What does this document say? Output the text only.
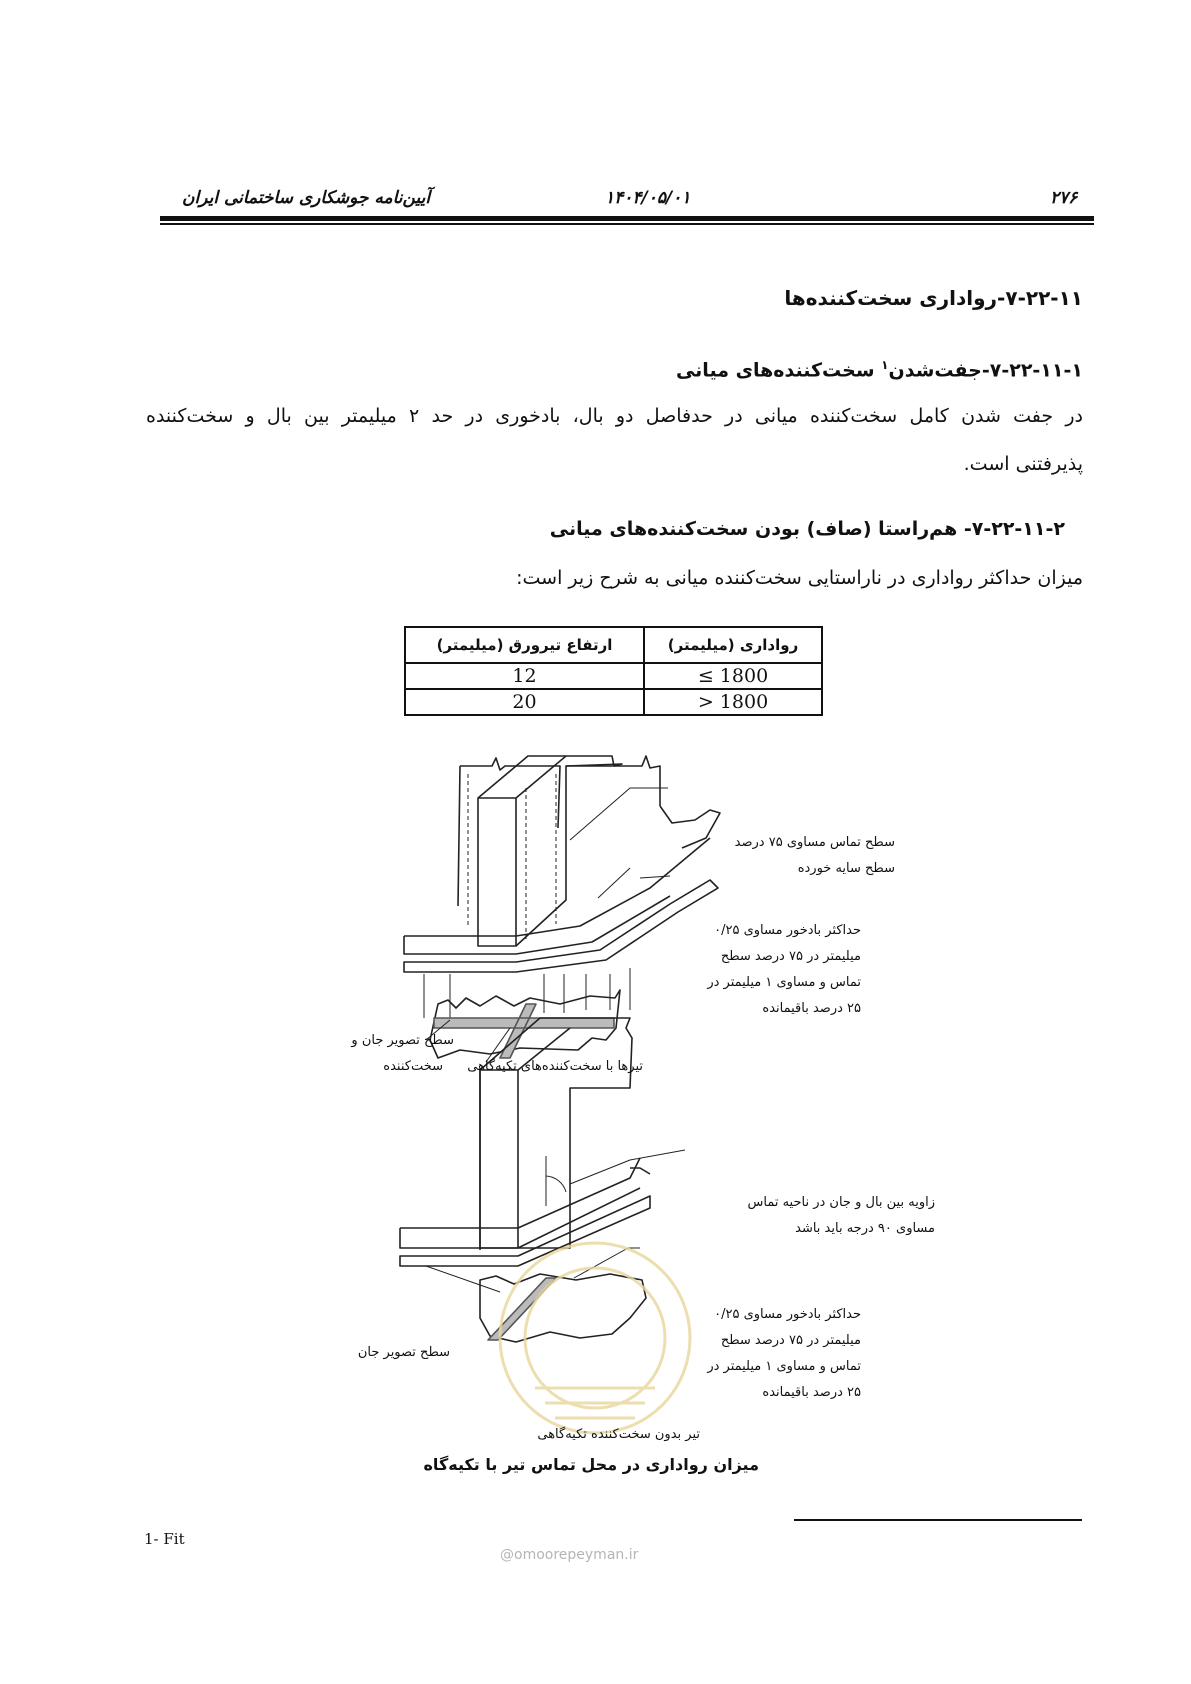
۲۷۶
۱۴۰۴/۰۵/۰۱
آیین‌نامه جوشکاری ساختمانی ایران
۷-۲۲-۱۱-رواداری سخت‌کننده‌ها
۷-۲۲-۱۱-۱-جفت‌شدن$^۱$ سخت‌کننده‌های میانی
در جفت شدن کامل سخت‌کننده میانی در حدفاصل دو بال، بادخوری در حد ۲ میلیمتر بین بال و سخت‌کننده
پذیرفتنی است.
۷-۲۲-۱۱-۲- هم‌راستا (صاف) بودن سخت‌کننده‌های میانی
میزان حداکثر رواداری در ناراستایی سخت‌کننده میانی به شرح زیر است:
ارتفاع تیرورق (میلیمتر)	رواداری (میلیمتر)
12	≤ 1800
20	> 1800
سطح تماس مساوی ۷۵ درصد
سطح سایه خورده
حداکثر بادخور مساوی ۰/۲۵
میلیمتر در ۷۵ درصد سطح
تماس و مساوی ۱ میلیمتر در
۲۵ درصد باقیمانده
سطح تصویر جان و
سخت‌کننده تیرها با سخت‌کننده‌های تکیه‌گاهی
زاویه بین بال و جان در ناحیه تماس
مساوی ۹۰ درجه باید باشد
حداکثر بادخور مساوی ۰/۲۵
میلیمتر در ۷۵ درصد سطح
تماس و مساوی ۱ میلیمتر در
۲۵ درصد باقیمانده
سطح تصویر جان
تیر بدون سخت‌کننده تکیه‌گاهی
میزان رواداری در محل تماس تیر با تکیه‌گاه
1- Fit
@omoorepeyman.ir
